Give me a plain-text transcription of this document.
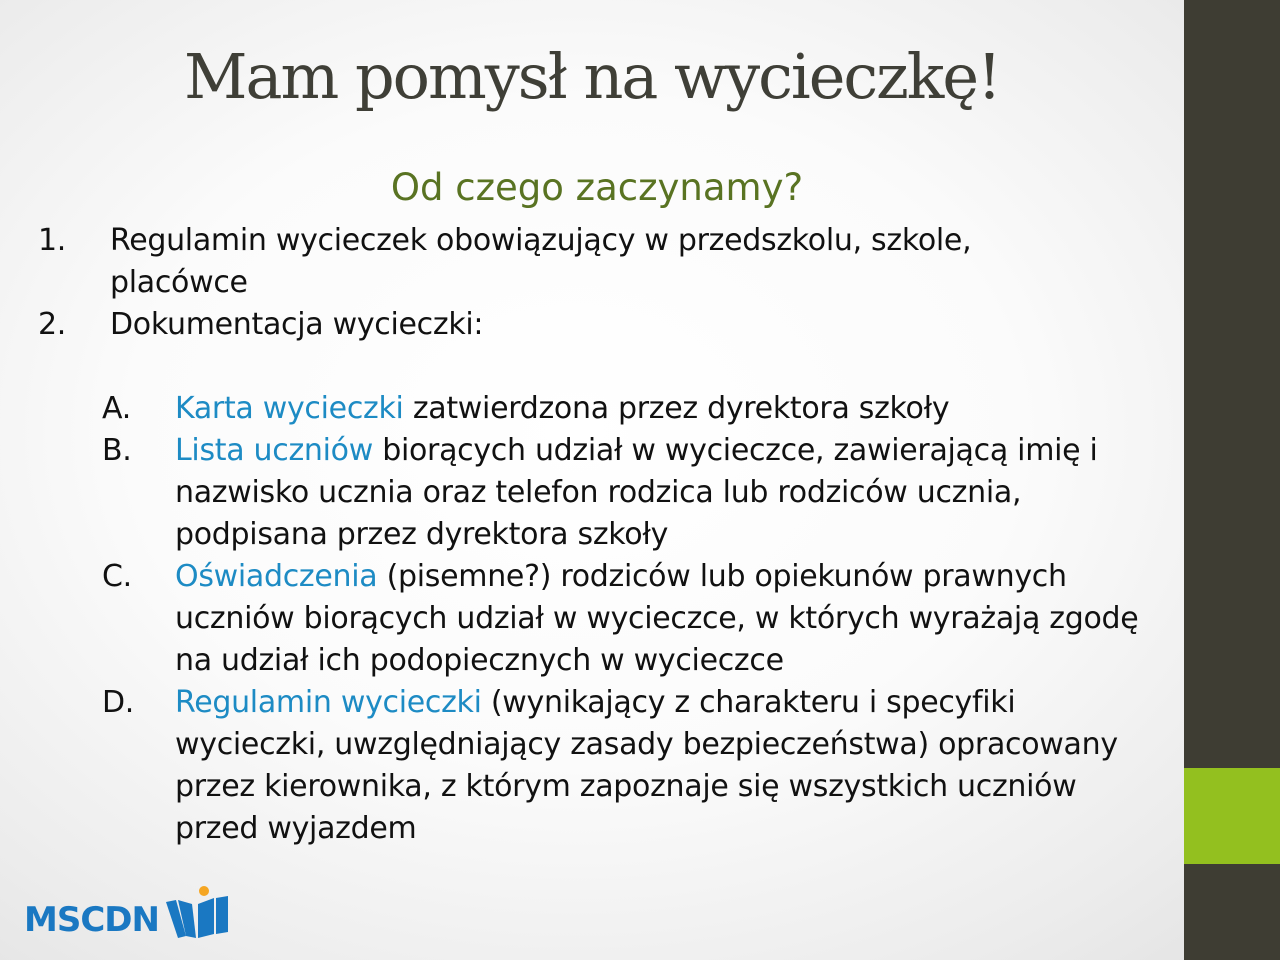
Mam pomysł na wycieczkę!
Od czego zaczynamy?
1. Regulamin wycieczek obowiązujący w przedszkolu, szkole, placówce
2. Dokumentacja wycieczki:
A. Karta wycieczki zatwierdzona przez dyrektora szkoły
B. Lista uczniów biorących udział w wycieczce, zawierającą imię i nazwisko ucznia oraz telefon rodzica lub rodziców ucznia, podpisana przez dyrektora szkoły
C. Oświadczenia (pisemne?) rodziców lub opiekunów prawnych uczniów biorących udział w wycieczce, w których wyrażają zgodę na udział ich podopiecznych w wycieczce
D. Regulamin wycieczki (wynikający z charakteru i specyfiki wycieczki, uwzględniający zasady bezpieczeństwa) opracowany przez kierownika, z którym zapoznaje się wszystkich uczniów przed wyjazdem
MSCDN
